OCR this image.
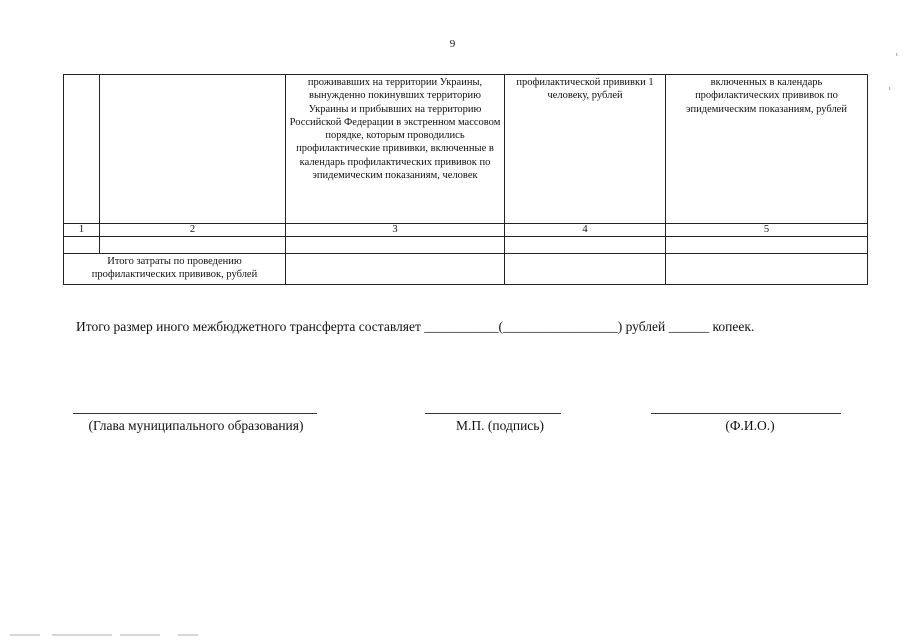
9
		проживавших на территории Украины, вынужденно покинувших территорию Украины и прибывших на территорию Российской Федерации в экстренном массовом порядке, которым проводились профилактические прививки, включенные в календарь профилактических прививок по эпидемическим показаниям, человек	профилактической прививки 1 человеку, рублей	включенных в календарь профилактических прививок по эпидемическим показаниям, рублей
1	2	3	4	5

Итого затраты по проведению профилактических прививок, рублей				
Итого размер иного межбюджетного трансферта составляет ___________(_________________) рублей ______ копеек.
(Глава муниципального образования)	М.П. (подпись)	(Ф.И.О.)
ι
ι
